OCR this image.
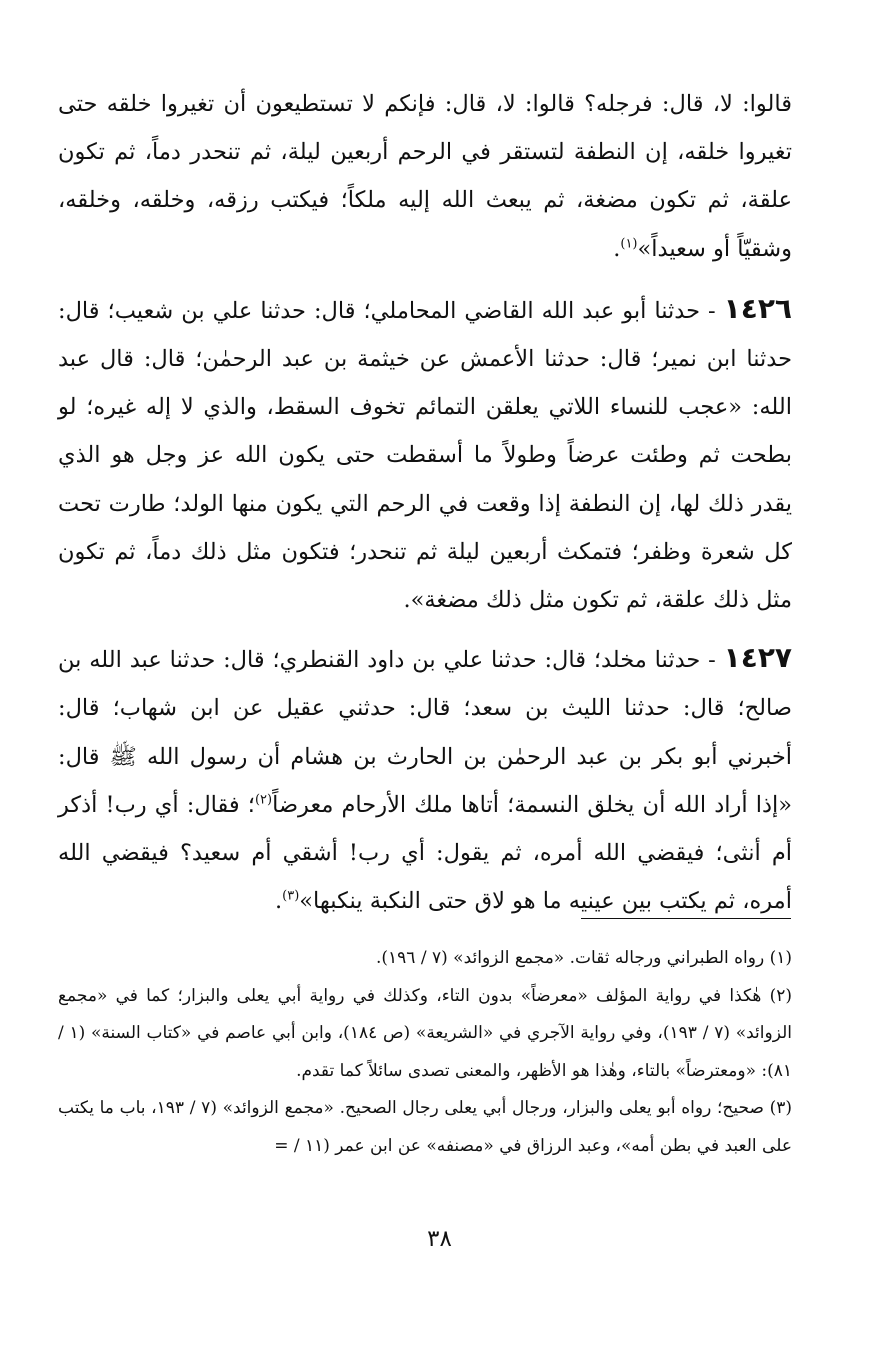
قالوا: لا، قال: فرجله؟ قالوا: لا، قال: فإنكم لا تستطيعون أن تغيروا خلقه حتى تغيروا خلقه، إن النطفة لتستقر في الرحم أربعين ليلة، ثم تنحدر دماً، ثم تكون علقة، ثم تكون مضغة، ثم يبعث الله إليه ملكاً؛ فيكتب رزقه، وخلقه، وخلقه، وشقيّاً أو سعيداً»$^{(١)}$.

١٤٢٦ - حدثنا أبو عبد الله القاضي المحاملي؛ قال: حدثنا علي بن شعيب؛ قال: حدثنا ابن نمير؛ قال: حدثنا الأعمش عن خيثمة بن عبد الرحمٰن؛ قال: قال عبد الله: «عجب للنساء اللاتي يعلقن التمائم تخوف السقط، والذي لا إله غيره؛ لو بطحت ثم وطئت عرضاً وطولاً ما أسقطت حتى يكون الله عز وجل هو الذي يقدر ذلك لها، إن النطفة إذا وقعت في الرحم التي يكون منها الولد؛ طارت تحت كل شعرة وظفر؛ فتمكث أربعين ليلة ثم تنحدر؛ فتكون مثل ذلك دماً، ثم تكون مثل ذلك علقة، ثم تكون مثل ذلك مضغة».

١٤٢٧ - حدثنا مخلد؛ قال: حدثنا علي بن داود القنطري؛ قال: حدثنا عبد الله بن صالح؛ قال: حدثنا الليث بن سعد؛ قال: حدثني عقيل عن ابن شهاب؛ قال: أخبرني أبو بكر بن عبد الرحمٰن بن الحارث بن هشام أن رسول الله ﷺ قال: «إذا أراد الله أن يخلق النسمة؛ أتاها ملك الأرحام معرضاً$^{(٢)}$؛ فقال: أي رب! أذكر أم أنثى؛ فيقضي الله أمره، ثم يقول: أي رب! أشقي أم سعيد؟ فيقضي الله أمره، ثم يكتب بين عينيه ما هو لاق حتى النكبة ينكبها»$^{(٣)}$.

(١) رواه الطبراني ورجاله ثقات. «مجمع الزوائد» (٧ / ١٩٦).

(٢) هٰكذا في رواية المؤلف «معرضاً» بدون التاء، وكذلك في رواية أبي يعلى والبزار؛ كما في «مجمع الزوائد» (٧ / ١٩٣)، وفي رواية الآجري في «الشريعة» (ص ١٨٤)، وابن أبي عاصم في «كتاب السنة» (١ / ٨١): «ومعترضاً» بالتاء، وهٰذا هو الأظهر، والمعنى تصدى سائلاً كما تقدم.

(٣) صحيح؛ رواه أبو يعلى والبزار، ورجال أبي يعلى رجال الصحيح. «مجمع الزوائد» (٧ / ١٩٣، باب ما يكتب على العبد في بطن أمه»، وعبد الرزاق في «مصنفه» عن ابن عمر (١١ / =

٣٨
